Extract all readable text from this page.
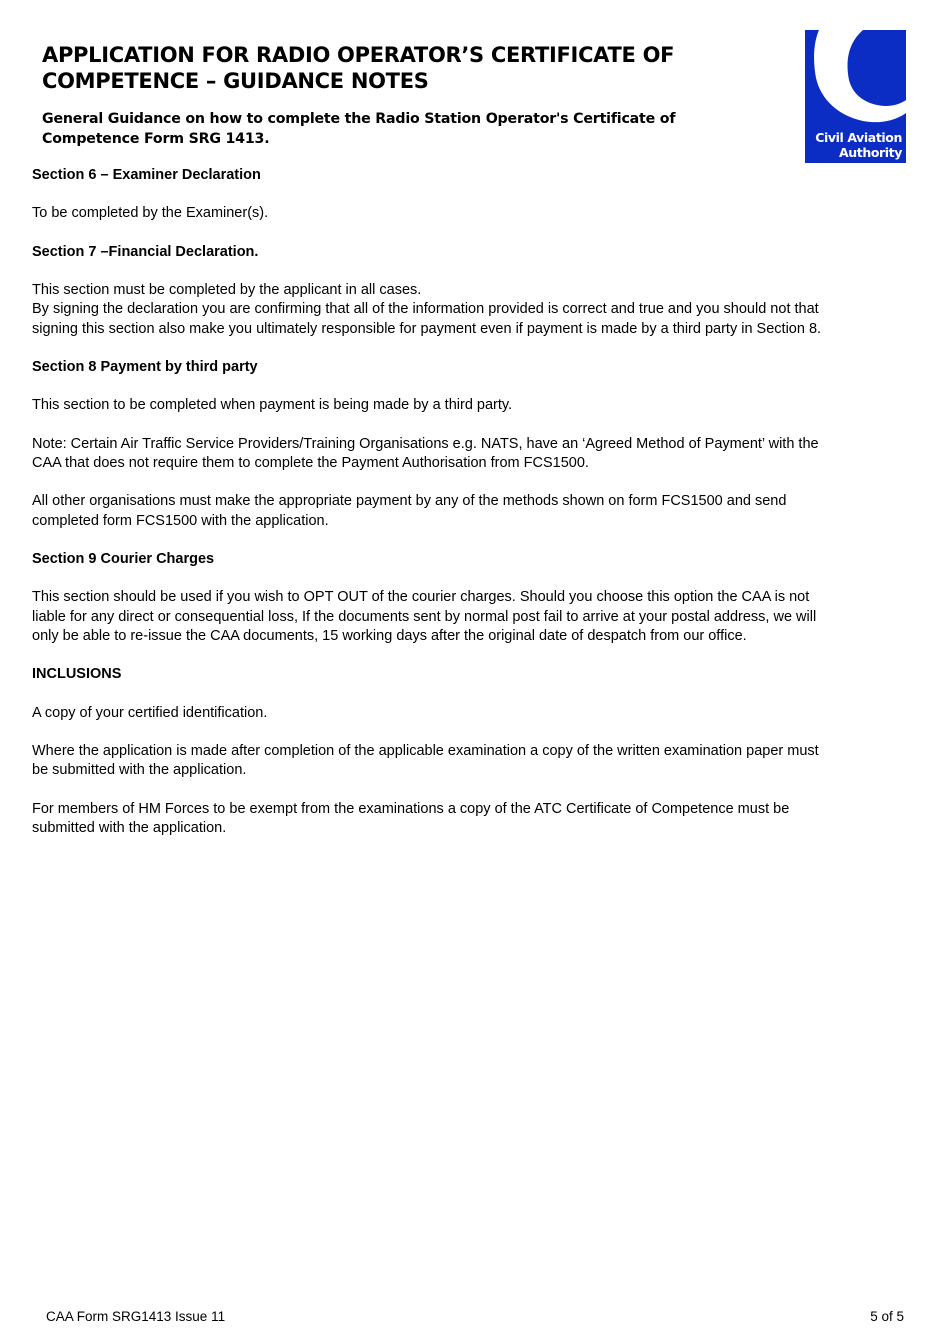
APPLICATION FOR RADIO OPERATOR’S CERTIFICATE OF
COMPETENCE – GUIDANCE NOTES
General Guidance on how to complete the Radio Station Operator's Certificate of
Competence Form SRG 1413.	Civil Aviation
Authority
Section 6 – Examiner Declaration

To be completed by the Examiner(s).

Section 7 –Financial Declaration.

This section must be completed by the applicant in all cases.
By signing the declaration you are confirming that all of the information provided is correct and true and you should not that
signing this section also make you ultimately responsible for payment even if payment is made by a third party in Section 8.

Section 8 Payment by third party

This section to be completed when payment is being made by a third party.

Note: Certain Air Traffic Service Providers/Training Organisations e.g. NATS, have an ‘Agreed Method of Payment’ with the
CAA that does not require them to complete the Payment Authorisation from FCS1500.

All other organisations must make the appropriate payment by any of the methods shown on form FCS1500 and send
completed form FCS1500 with the application.

Section 9 Courier Charges

This section should be used if you wish to OPT OUT of the courier charges. Should you choose this option the CAA is not
liable for any direct or consequential loss, If the documents sent by normal post fail to arrive at your postal address, we will
only be able to re-issue the CAA documents, 15 working days after the original date of despatch from our office.

INCLUSIONS

A copy of your certified identification.

Where the application is made after completion of the applicable examination a copy of the written examination paper must
be submitted with the application.

For members of HM Forces to be exempt from the examinations a copy of the ATC Certificate of Competence must be
submitted with the application.

CAA Form SRG1413 Issue 11	5 of 5
